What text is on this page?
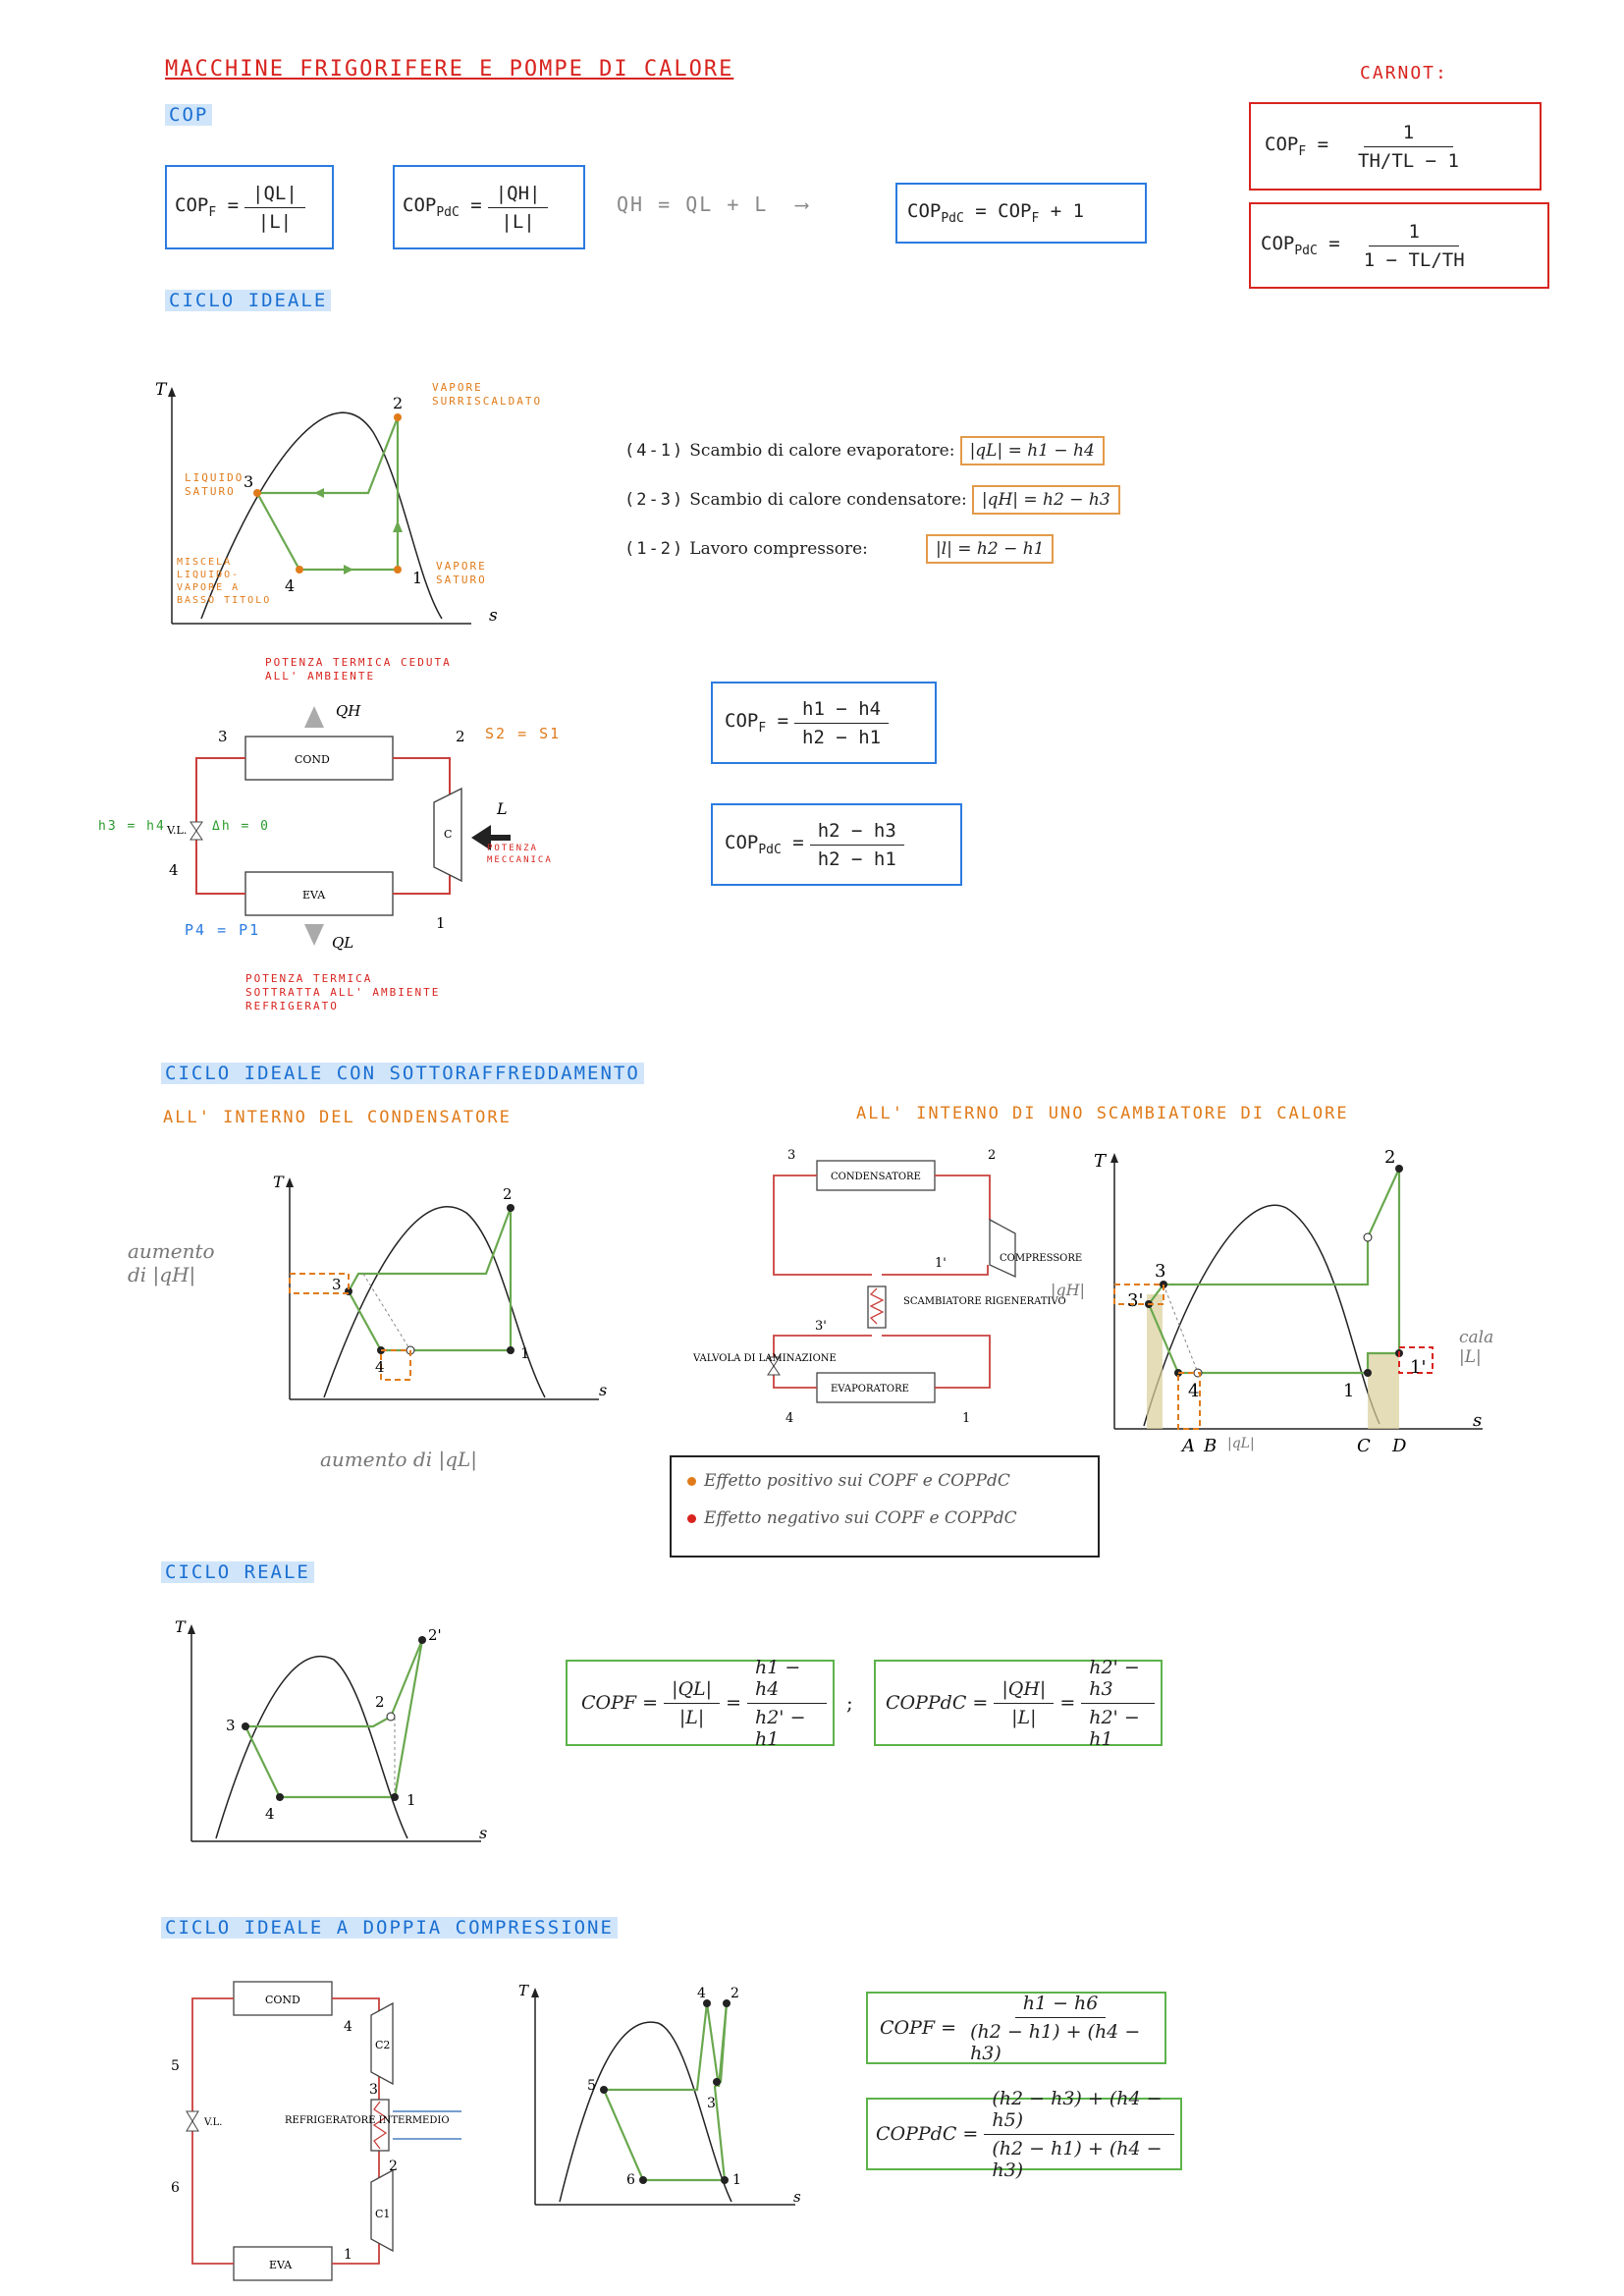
MACCHINE FRIGORIFERE E POMPE DI CALORE
COP
CARNOT:
$COP_F = \frac{|QL|}{|L|}$	$COP_{PdC} = \frac{|QH|}{|L|}$	QH = QL + L ⟶	$COP_{PdC} = COP_F + 1$
$COP_F = \frac{1}{TH/TL - 1}$
$COP_{PdC} = \frac{1}{1 - TL/TH}$
CICLO IDEALE
T
s
2
3
4	1
VAPORE SURRISCALDATO
LIQUIDO SATURO
MISCELA LIQUIDO-VAPORE A BASSO TITOLO
VAPORE SATURO
(4-1) Scambio di calore evaporatore: |qL| = h1 − h4
(2-3) Scambio di calore condensatore: |qH| = h2 − h3
(1-2) Lavoro compressore:	|l| = h2 − h1
POTENZA TERMICA CEDUTA ALL' AMBIENTE
COND
EVA
C
V.L.
QH
QL
L
3	2
4
1
S2 = S1
h3 = h4	Δh = 0
P4 = P1
POTENZA MECCANICA
POTENZA TERMICA SOTTRATTA ALL' AMBIENTE REFRIGERATO
$COP_F = \frac{h1 - h4}{h2 - h1}$
$COP_{PdC} = \frac{h2 - h3}{h2 - h1}$
CICLO IDEALE CON SOTTORAFFREDDAMENTO
ALL' INTERNO DEL CONDENSATORE	ALL' INTERNO DI UNO SCAMBIATORE DI CALORE
T
s
2
3
4
1
aumento di |qH|
aumento di |qL|
CONDENSATORE
EVAPORATORE
COMPRESSORE
SCAMBIATORE RIGENERATIVO
VALVOLA DI LAMINAZIONE
3	2
1'
3'
4	1
T
s
2
3
3'
4	1
1'
A B	C D
|qH|
|qL|
cala |L|
Effetto positivo sui COPF e COPPdC
Effetto negativo sui COPF e COPPdC
CICLO REALE
T
s
2'
2
3
4
1
COPF = $\frac{|QL|}{|L|} = \frac{h1 - h4}{h2' - h1}$ ; COPPdC = $\frac{|QH|}{|L|} = \frac{h2' - h3}{h2' - h1}$
CICLO IDEALE A DOPPIA COMPRESSIONE
COND
EVA
V.L.
C1
C2
REFRIGERATORE INTERMEDIO
4
3
2
1
5
6
T
s
4 2
3
5
6	1
COPF = $\frac{h1 - h6}{(h2 - h1) + (h4 - h3)}$
COPPdC = $\frac{(h2 - h3) + (h4 - h5)}{(h2 - h1) + (h4 - h3)}$
